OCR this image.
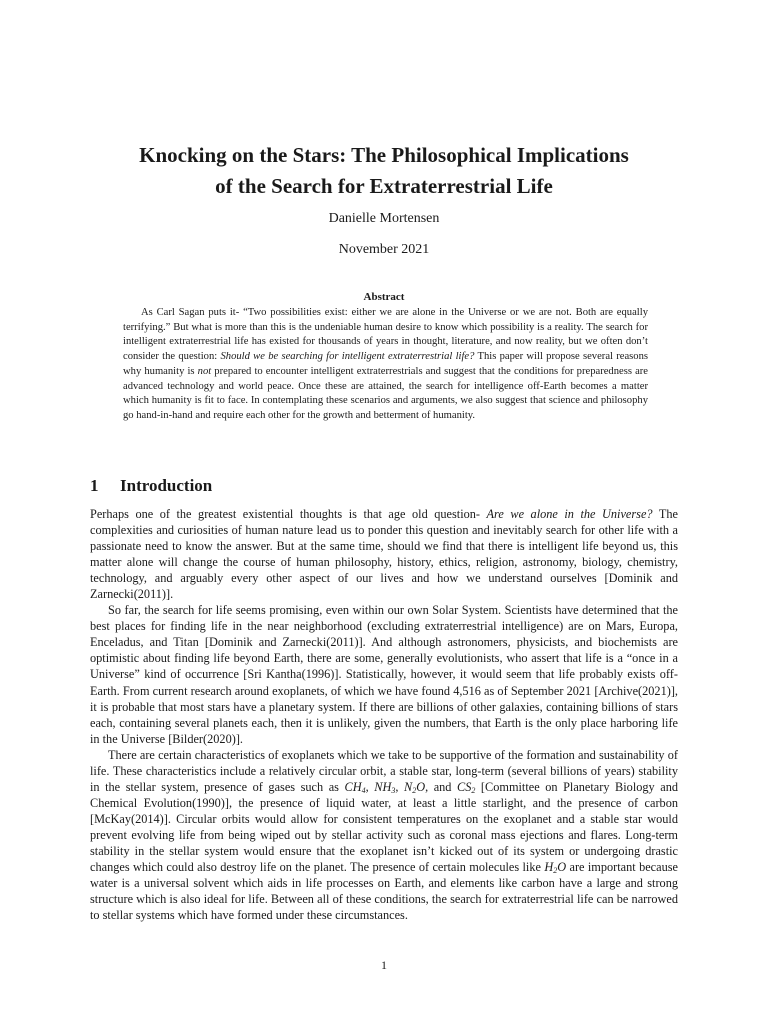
Knocking on the Stars: The Philosophical Implications
of the Search for Extraterrestrial Life
Danielle Mortensen
November 2021
Abstract

As Carl Sagan puts it- “Two possibilities exist: either we are alone in the Universe or we are not. Both are equally terrifying.” But what is more than this is the undeniable human desire to know which possibility is a reality. The search for intelligent extraterrestrial life has existed for thousands of years in thought, literature, and now reality, but we often don’t consider the question: Should we be searching for intelligent extraterrestrial life? This paper will propose several reasons why humanity is not prepared to encounter intelligent extraterrestrials and suggest that the conditions for preparedness are advanced technology and world peace. Once these are attained, the search for intelligence off-Earth becomes a matter which humanity is fit to face. In contemplating these scenarios and arguments, we also suggest that science and philosophy go hand-in-hand and require each other for the growth and betterment of humanity.

1 Introduction

Perhaps one of the greatest existential thoughts is that age old question- Are we alone in the Universe? The complexities and curiosities of human nature lead us to ponder this question and inevitably search for other life with a passionate need to know the answer. But at the same time, should we find that there is intelligent life beyond us, this matter alone will change the course of human philosophy, history, ethics, religion, astronomy, biology, chemistry, technology, and arguably every other aspect of our lives and how we understand ourselves [Dominik and Zarnecki(2011)].

So far, the search for life seems promising, even within our own Solar System. Scientists have determined that the best places for finding life in the near neighborhood (excluding extraterrestrial intelligence) are on Mars, Europa, Enceladus, and Titan [Dominik and Zarnecki(2011)]. And although astronomers, physicists, and biochemists are optimistic about finding life beyond Earth, there are some, generally evolutionists, who assert that life is a “once in a Universe” kind of occurrence [Sri Kantha(1996)]. Statistically, however, it would seem that life probably exists off-Earth. From current research around exoplanets, of which we have found 4,516 as of September 2021 [Archive(2021)], it is probable that most stars have a planetary system. If there are billions of other galaxies, containing billions of stars each, containing several planets each, then it is unlikely, given the numbers, that Earth is the only place harboring life in the Universe [Bilder(2020)].

There are certain characteristics of exoplanets which we take to be supportive of the formation and sustainability of life. These characteristics include a relatively circular orbit, a stable star, long-term (several billions of years) stability in the stellar system, presence of gases such as $CH_4$, $NH_3$, $N_2O$, and $CS_2$ [Committee on Planetary Biology and Chemical Evolution(1990)], the presence of liquid water, at least a little starlight, and the presence of carbon [McKay(2014)]. Circular orbits would allow for consistent temperatures on the exoplanet and a stable star would prevent evolving life from being wiped out by stellar activity such as coronal mass ejections and flares. Long-term stability in the stellar system would ensure that the exoplanet isn’t kicked out of its system or undergoing drastic changes which could also destroy life on the planet. The presence of certain molecules like $H_2O$ are important because water is a universal solvent which aids in life processes on Earth, and elements like carbon have a large and strong structure which is also ideal for life. Between all of these conditions, the search for extraterrestrial life can be narrowed to stellar systems which have formed under these circumstances.

1
